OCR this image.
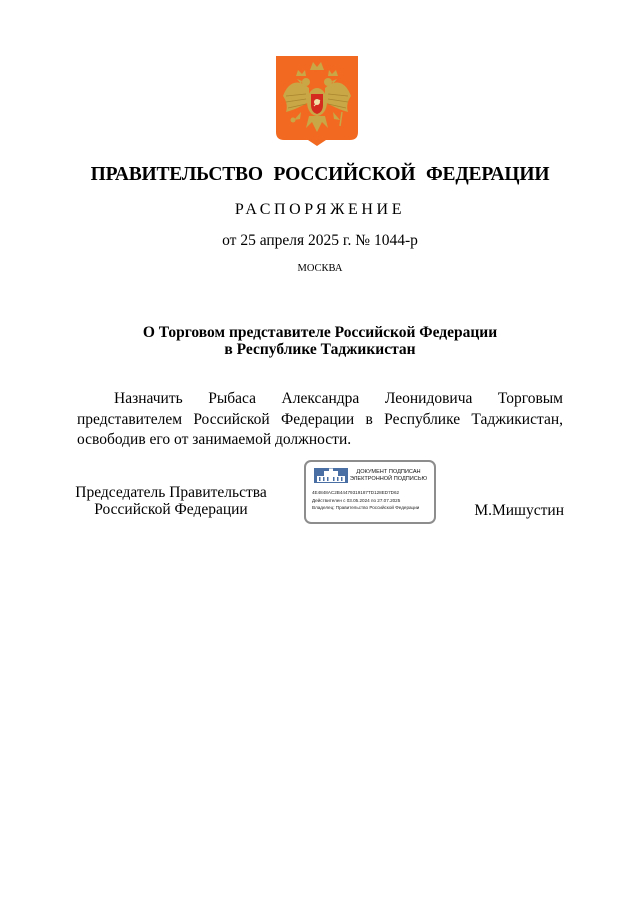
ПРАВИТЕЛЬСТВО РОССИЙСКОЙ ФЕДЕРАЦИИ
РАСПОРЯЖЕНИЕ
от 25 апреля 2025 г. № 1044-р
МОСКВА
О Торговом представителе Российской Федерации
в Республике Таджикистан
Назначить Рыбаса Александра Леонидовича Торговым представителем Российской Федерации в Республике Таджикистан, освободив его от занимаемой должности.
Председатель Правительства
Российской Федерации
ДОКУМЕНТ ПОДПИСАН
ЭЛЕКТРОННОЙ ПОДПИСЬЮ
4E4848AC2B44479319187TD128ED7D62
Действителен с 03.05.2024 по 27.07.2025
Владелец: Правительство Российской Федерации	М.Мишустин
